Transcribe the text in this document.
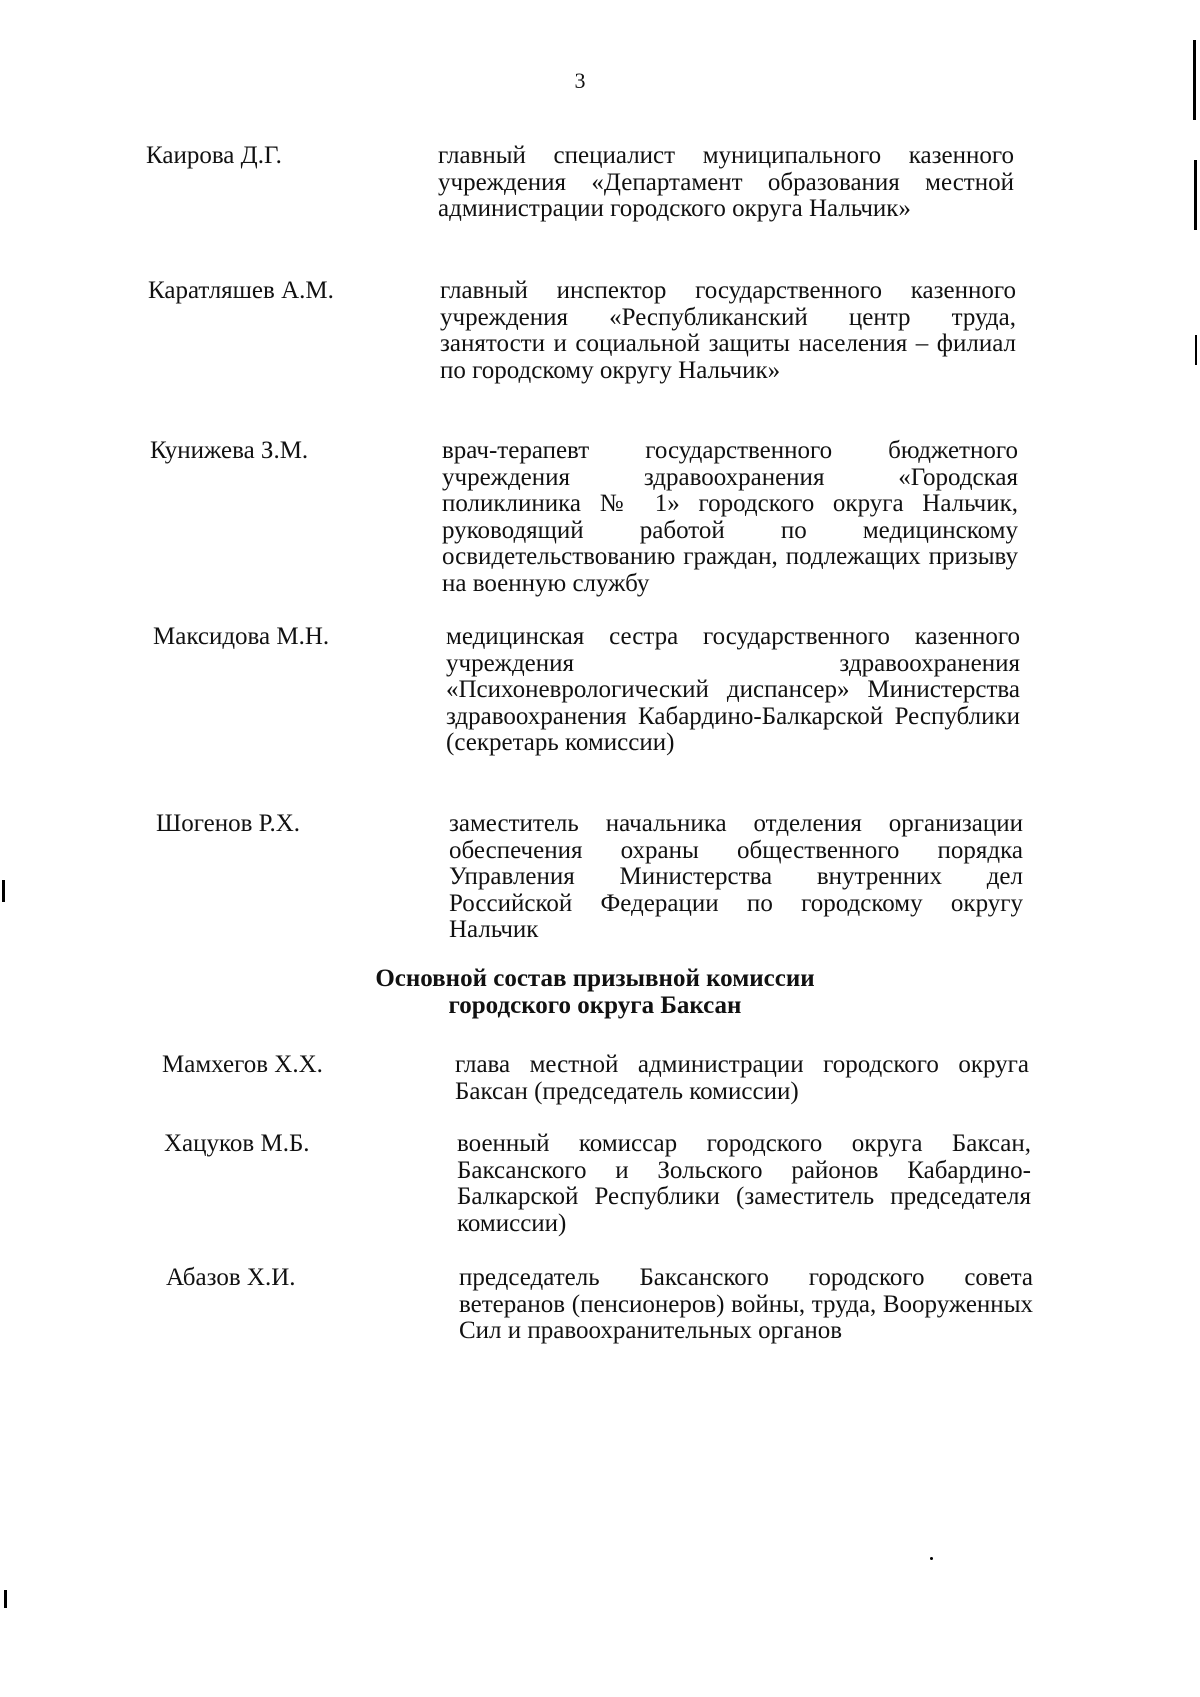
3
Каирова Д.Г.	главный специалист муниципального казенного учреждения «Департамент образования местной администрации городского округа Нальчик»
Каратляшев А.М.	главный инспектор государственного казенного учреждения «Республиканский центр труда, занятости и социальной защиты населения – филиал по городскому округу Нальчик»
Кунижева З.М.	врач-терапевт государственного бюджетного учреждения здравоохранения «Городская поликлиника № 1» городского округа Нальчик, руководящий работой по медицинскому освидетельствованию граждан, подлежащих призыву на военную службу
Максидова М.Н.	медицинская сестра государственного казенного учреждения здравоохранения «Психоневрологический диспансер» Министерства здравоохранения Кабардино-Балкарской Республики (секретарь комиссии)
Шогенов Р.Х.	заместитель начальника отделения организации обеспечения охраны общественного порядка Управления Министерства внутренних дел Российской Федерации по городскому округу Нальчик
Основной состав призывной комиссии
городского округа Баксан
Мамхегов Х.Х.	глава местной администрации городского округа Баксан (председатель комиссии)
Хацуков М.Б.	военный комиссар городского округа Баксан, Баксанского и Зольского районов Кабардино-Балкарской Республики (заместитель председателя комиссии)
Абазов Х.И.	председатель Баксанского городского совета ветеранов (пенсионеров) войны, труда, Вооруженных Сил и правоохранительных органов
